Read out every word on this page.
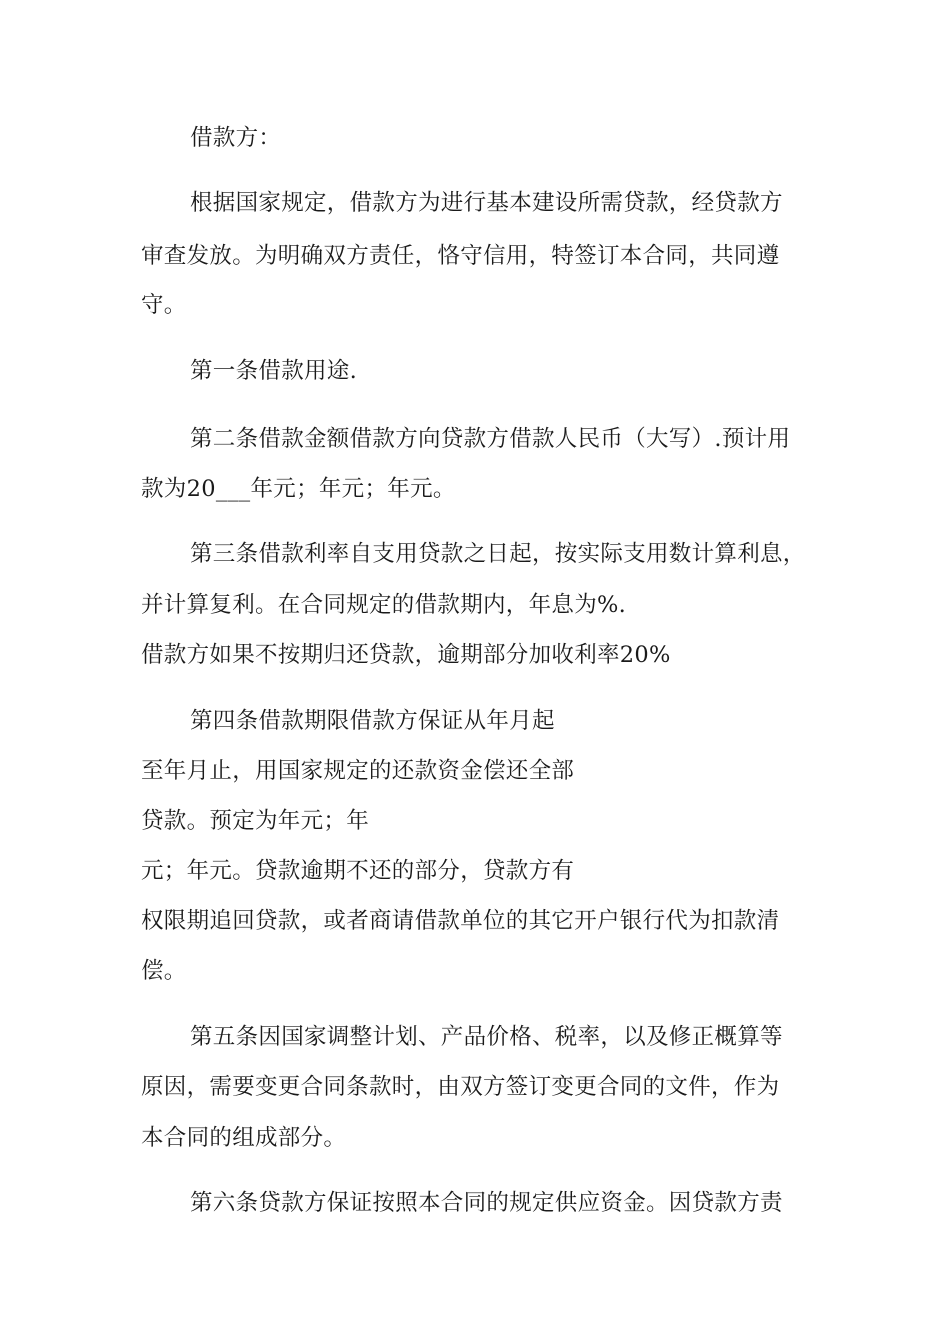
借款方：
根据国家规定，借款方为进行基本建设所需贷款，经贷款方
审查发放。为明确双方责任，恪守信用，特签订本合同，共同遵
守。
第一条借款用途.
第二条借款金额借款方向贷款方借款人民币（大写）.预计用
款为20___年元；年元；年元。
第三条借款利率自支用贷款之日起，按实际支用数计算利息，
并计算复利。在合同规定的借款期内，年息为%.
借款方如果不按期归还贷款，逾期部分加收利率20%
第四条借款期限借款方保证从年月起
至年月止，用国家规定的还款资金偿还全部
贷款。预定为年元；年
元；年元。贷款逾期不还的部分，贷款方有
权限期追回贷款，或者商请借款单位的其它开户银行代为扣款清
偿。
第五条因国家调整计划、产品价格、税率，以及修正概算等
原因，需要变更合同条款时，由双方签订变更合同的文件，作为
本合同的组成部分。
第六条贷款方保证按照本合同的规定供应资金。因贷款方责
